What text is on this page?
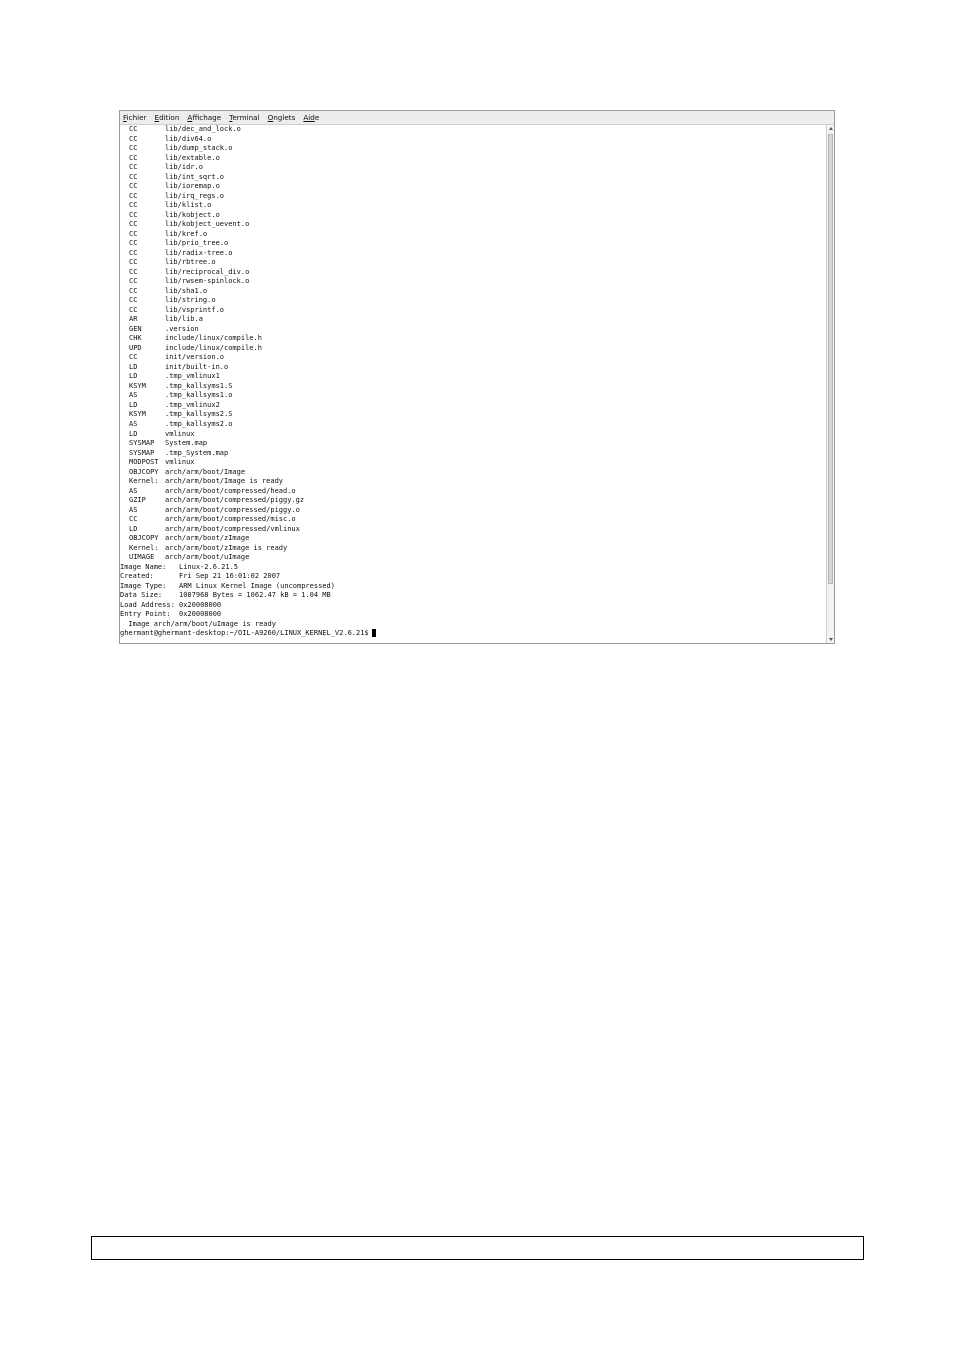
Fichier Edition Affichage Terminal Onglets Aide
CC	lib/dec_and_lock.o
CC	lib/div64.o
CC	lib/dump_stack.o
CC	lib/extable.o
CC	lib/idr.o
CC	lib/int_sqrt.o
CC	lib/ioremap.o
CC	lib/irq_regs.o
CC	lib/klist.o
CC	lib/kobject.o
CC	lib/kobject_uevent.o
CC	lib/kref.o
CC	lib/prio_tree.o
CC	lib/radix-tree.o
CC	lib/rbtree.o
CC	lib/reciprocal_div.o
CC	lib/rwsem-spinlock.o
CC	lib/sha1.o
CC	lib/string.o
CC	lib/vsprintf.o
AR	lib/lib.a
GEN	.version
CHK	include/linux/compile.h
UPD	include/linux/compile.h
CC	init/version.o
LD	init/built-in.o
LD	.tmp_vmlinux1
KSYM	.tmp_kallsyms1.S
AS	.tmp_kallsyms1.o
LD	.tmp_vmlinux2
KSYM	.tmp_kallsyms2.S
AS	.tmp_kallsyms2.o
LD	vmlinux
SYSMAP	System.map
SYSMAP	.tmp_System.map
MODPOST vmlinux
OBJCOPY arch/arm/boot/Image
Kernel: arch/arm/boot/Image is ready
AS	arch/arm/boot/compressed/head.o
GZIP	arch/arm/boot/compressed/piggy.gz
AS	arch/arm/boot/compressed/piggy.o
CC	arch/arm/boot/compressed/misc.o
LD	arch/arm/boot/compressed/vmlinux
OBJCOPY arch/arm/boot/zImage
Kernel: arch/arm/boot/zImage is ready
UIMAGE	arch/arm/boot/uImage
Image Name:   Linux-2.6.21.5
Created:      Fri Sep 21 16:01:02 2007
Image Type:   ARM Linux Kernel Image (uncompressed)
Data Size:    1087968 Bytes = 1062.47 kB = 1.04 MB
Load Address: 0x20008000
Entry Point:  0x20008000
Image arch/arm/boot/uImage is ready
ghermant@ghermant-desktop:~/OIL-A9260/LINUX_KERNEL_V2.6.21$
